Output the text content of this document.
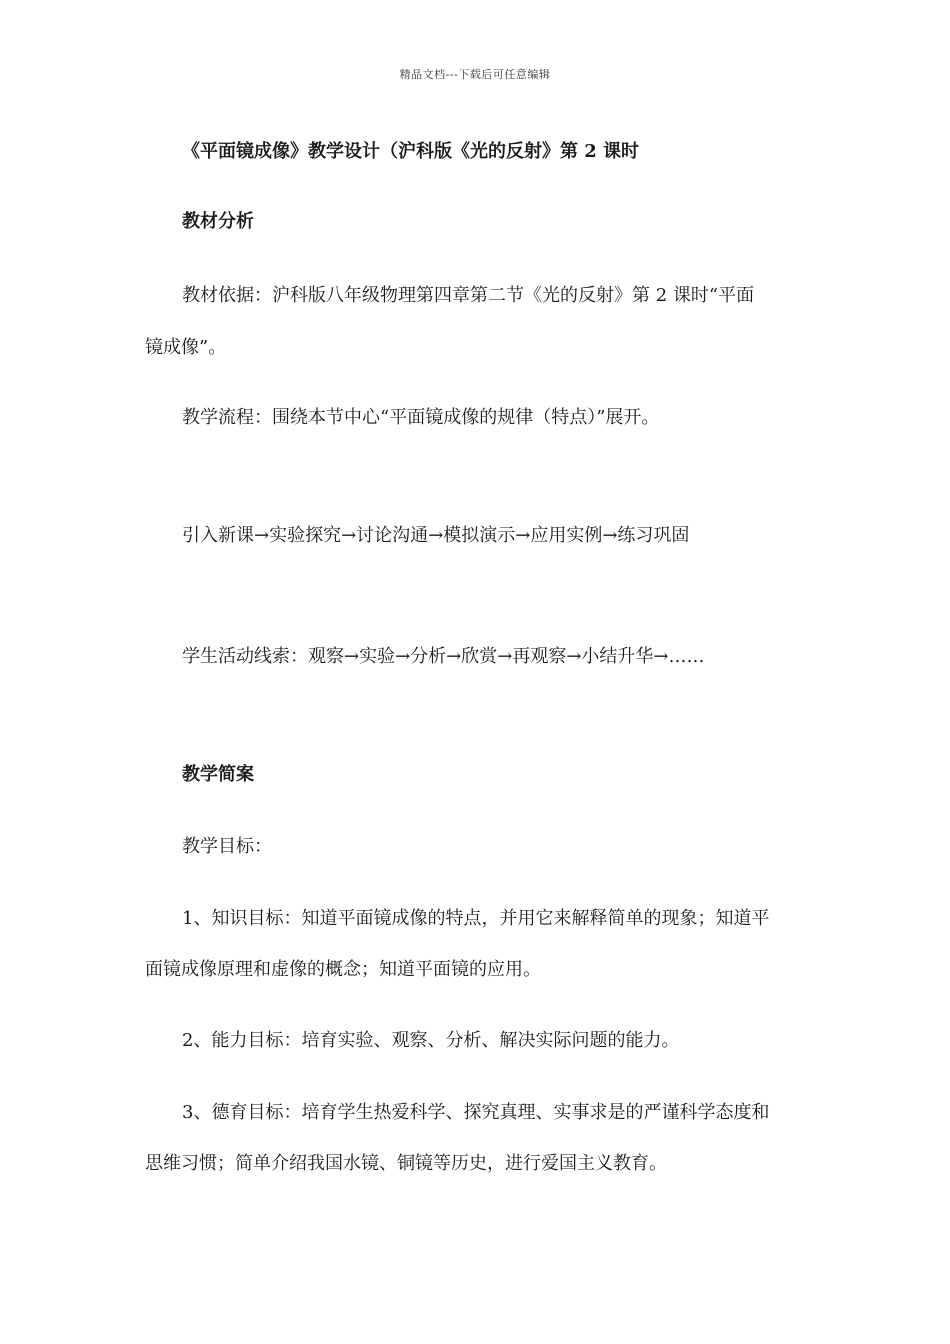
精品文档---下载后可任意编辑
《平面镜成像》教学设计（沪科版《光的反射》第 2 课时
教材分析
教材依据：沪科版八年级物理第四章第二节《光的反射》第 2 课时“平面
镜成像”。
教学流程：围绕本节中心“平面镜成像的规律（特点）”展开。
引入新课→实验探究→讨论沟通→模拟演示→应用实例→练习巩固
学生活动线索：观察→实验→分析→欣赏→再观察→小结升华→……
教学简案
教学目标：
1、知识目标：知道平面镜成像的特点，并用它来解释简单的现象；知道平
面镜成像原理和虚像的概念；知道平面镜的应用。
2、能力目标：培育实验、观察、分析、解决实际问题的能力。
3、德育目标：培育学生热爱科学、探究真理、实事求是的严谨科学态度和
思维习惯；简单介绍我国水镜、铜镜等历史，进行爱国主义教育。
